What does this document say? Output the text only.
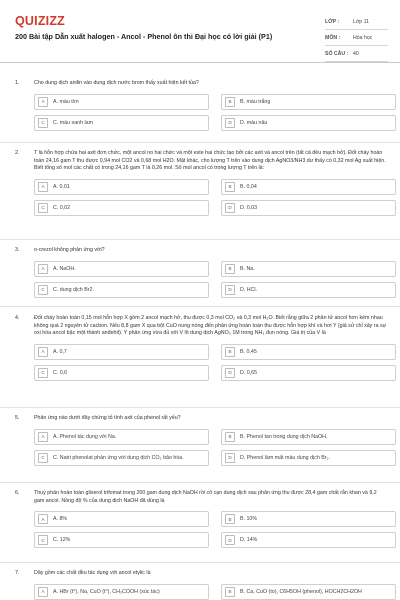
QUIZIZZ
200 Bài tập Dẫn xuất halogen - Ancol - Phenol ôn thi Đại học có lời giải (P1)
LỚP :	Lớp 11
MÔN :	Hóa học
SỐ CÂU : 40
1.	Cho dung dịch anilin vào dung dịch nước brom thấy xuất hiện kết tủa?
A	A. màu tím	B	B. màu trắng
C	C. màu xanh lam	D	D. màu nâu
2.	T là hỗn hợp chứa hai axit đơn chức, một ancol no hai chức và một este hai chức tạo bởi các axit và ancol trên (tất cả đều mạch hở). Đốt cháy hoàn toàn 24,16 gam T thu được 0,94 mol CO2 và 0,68 mol H2O. Mặt khác, cho lượng T trên vào dung dịch AgNO3/NH3 dư thấy có 0,32 mol Ag xuất hiện. Biết tổng số mol các chất có trong 24,16 gam T là 0,26 mol. Số mol ancol có trong lượng T trên là:
A	A. 0,01	B	B. 0,04
C	C. 0,02	D	D. 0,03
3.	o-crezol không phản ứng với?
A	A. NaOH.	B	B. Na.
C	C. dung dịch Br2.	D	D. HCl.
4.	Đốt cháy hoàn toàn 0,15 mol hỗn hợp X gồm 2 ancol mạch hở, thu được 0,3 mol CO₂ và 0,3 mol H₂O. Biết rằng giữa 2 phân tử ancol hơn kém nhau không quá 2 nguyên tử cacbon. Nếu 8,8 gam X qua bột CuO nung nóng đến phản ứng hoàn toàn thu được hỗn hợp khí và hơi Y (giả sử chỉ xảy ra sự oxi hóa ancol bậc một thành anđehit). Y phản ứng vừa đủ với V lít dung dịch AgNO₃ 1M trong NH₃ đun nóng. Giá trị của V là
A	A. 0,7	B	B. 0,45
C	C. 0,6	D	D. 0,65
5.	Phản ứng nào dưới đây chứng tỏ tính axit của phenol rất yếu?
A	A. Phenol tác dụng với Na.	B	B. Phenol tan trong dung dịch NaOH.
C	C. Natri phenolat phản ứng với dung dịch CO₂ bão hòa.	D	D. Phenol làm mất màu dung dịch Br₂.
6.	Thuỷ phân hoàn toàn glixerol trifomat trong 200 gam dung dịch NaOH rồi cô cạn dung dịch sau phản ứng thu được 28,4 gam chất rắn khan và 9,2 gam ancol. Nồng độ % của dung dịch NaOH đã dùng là
A	A. 8%	B	B. 10%
C	C. 12%	D	D. 14%
7.	Dãy gồm các chất đều tác dụng với ancol etylic là
A	A. HBr (t°), Na, CuO (t°), CH₃COOH (xúc tác)	B	B. Ca, CuO (to), C6H5OH (phenol), HOCH2CH2OH
